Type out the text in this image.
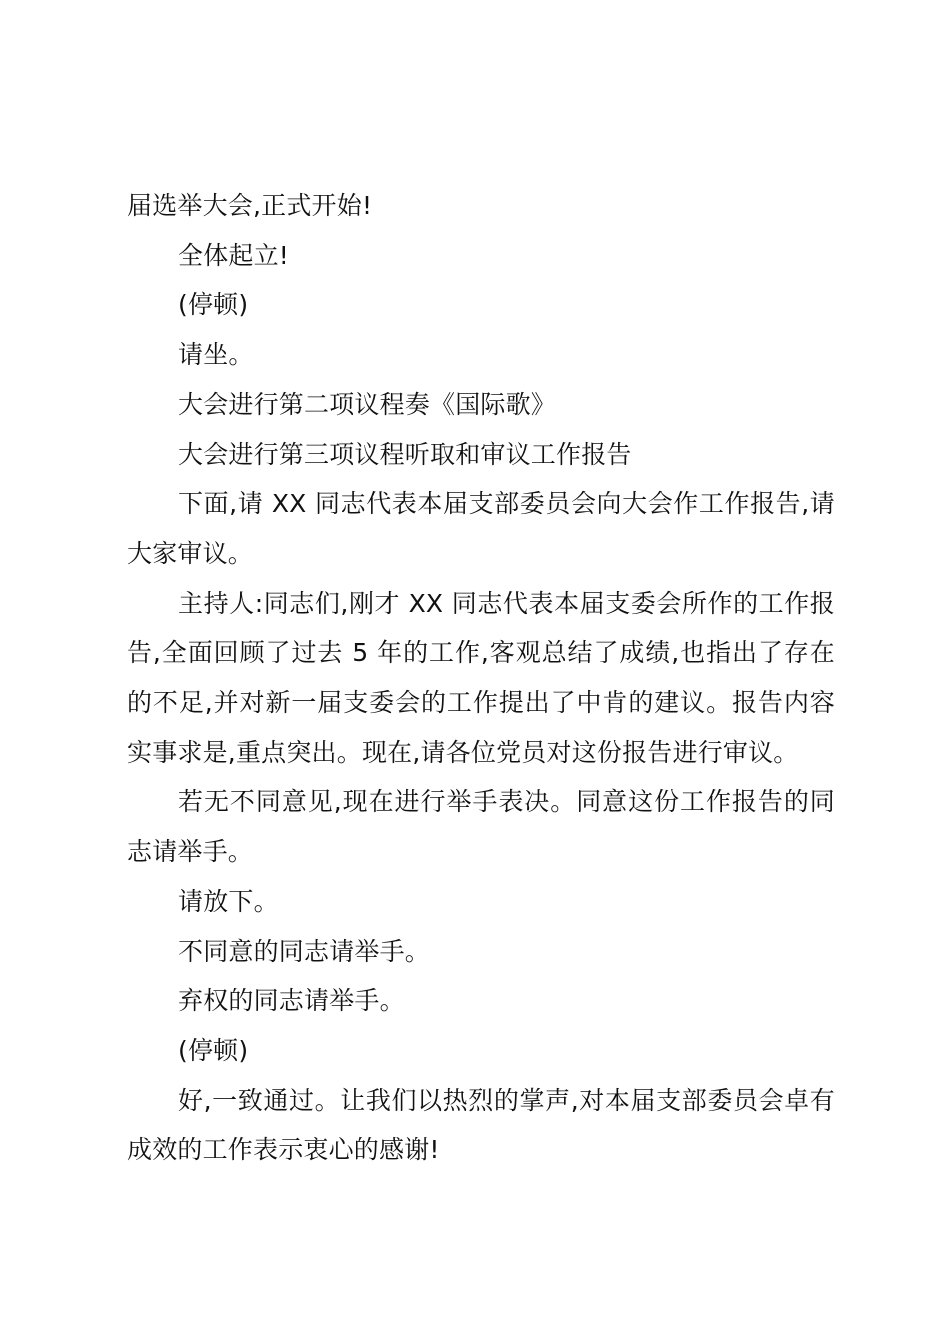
届选举大会,正式开始!

全体起立!

(停顿)

请坐。

大会进行第二项议程奏《国际歌》

大会进行第三项议程听取和审议工作报告

下面,请 XX 同志代表本届支部委员会向大会作工作报告,请大家审议。

主持人:同志们,刚才 XX 同志代表本届支委会所作的工作报告,全面回顾了过去 5 年的工作,客观总结了成绩,也指出了存在的不足,并对新一届支委会的工作提出了中肯的建议。报告内容实事求是,重点突出。现在,请各位党员对这份报告进行审议。

若无不同意见,现在进行举手表决。同意这份工作报告的同志请举手。

请放下。

不同意的同志请举手。

弃权的同志请举手。

(停顿)

好,一致通过。让我们以热烈的掌声,对本届支部委员会卓有成效的工作表示衷心的感谢!
